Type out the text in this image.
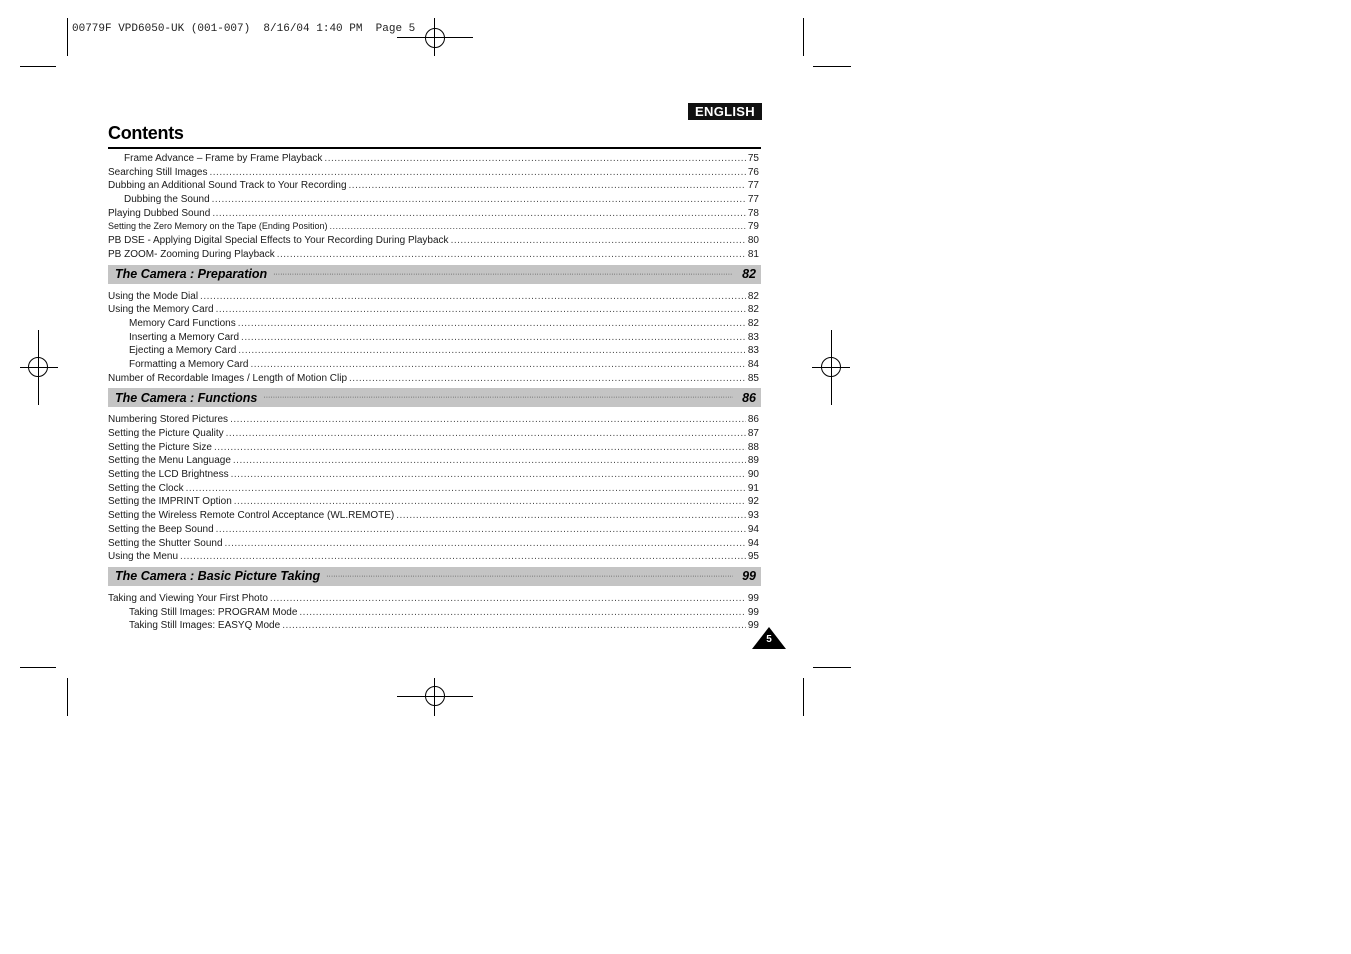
00779F VPD6050-UK (001-007)  8/16/04 1:40 PM  Page 5
ENGLISH
Contents
Frame Advance – Frame by Frame Playback .....	75
Searching Still Images .....	76
Dubbing an Additional Sound Track to Your Recording .....	77
Dubbing the Sound .....	77
Playing Dubbed Sound .....	78
Setting the Zero Memory on the Tape (Ending Position) .....	79
PB DSE - Applying Digital Special Effects to Your Recording During Playback .....	80
PB ZOOM- Zooming During Playback .....	81
The Camera : Preparation ·····	82
Using the Mode Dial .....	82
Using the Memory Card .....	82
Memory Card Functions .....	82
Inserting a Memory Card .....	83
Ejecting a Memory Card .....	83
Formatting a Memory Card .....	84
Number of Recordable Images / Length of Motion Clip .....	85
The Camera : Functions ·····	86
Numbering Stored Pictures .....	86
Setting the Picture Quality .....	87
Setting the Picture Size .....	88
Setting the Menu Language .....	89
Setting the LCD Brightness .....	90
Setting the Clock .....	91
Setting the IMPRINT Option .....	92
Setting the Wireless Remote Control Acceptance (WL.REMOTE) .....	93
Setting the Beep Sound .....	94
Setting the Shutter Sound .....	94
Using the Menu .....	95
The Camera : Basic Picture Taking ·····	99
Taking and Viewing Your First Photo .....	99
Taking Still Images: PROGRAM Mode .....	99
Taking Still Images: EASYQ Mode .....	99
5
